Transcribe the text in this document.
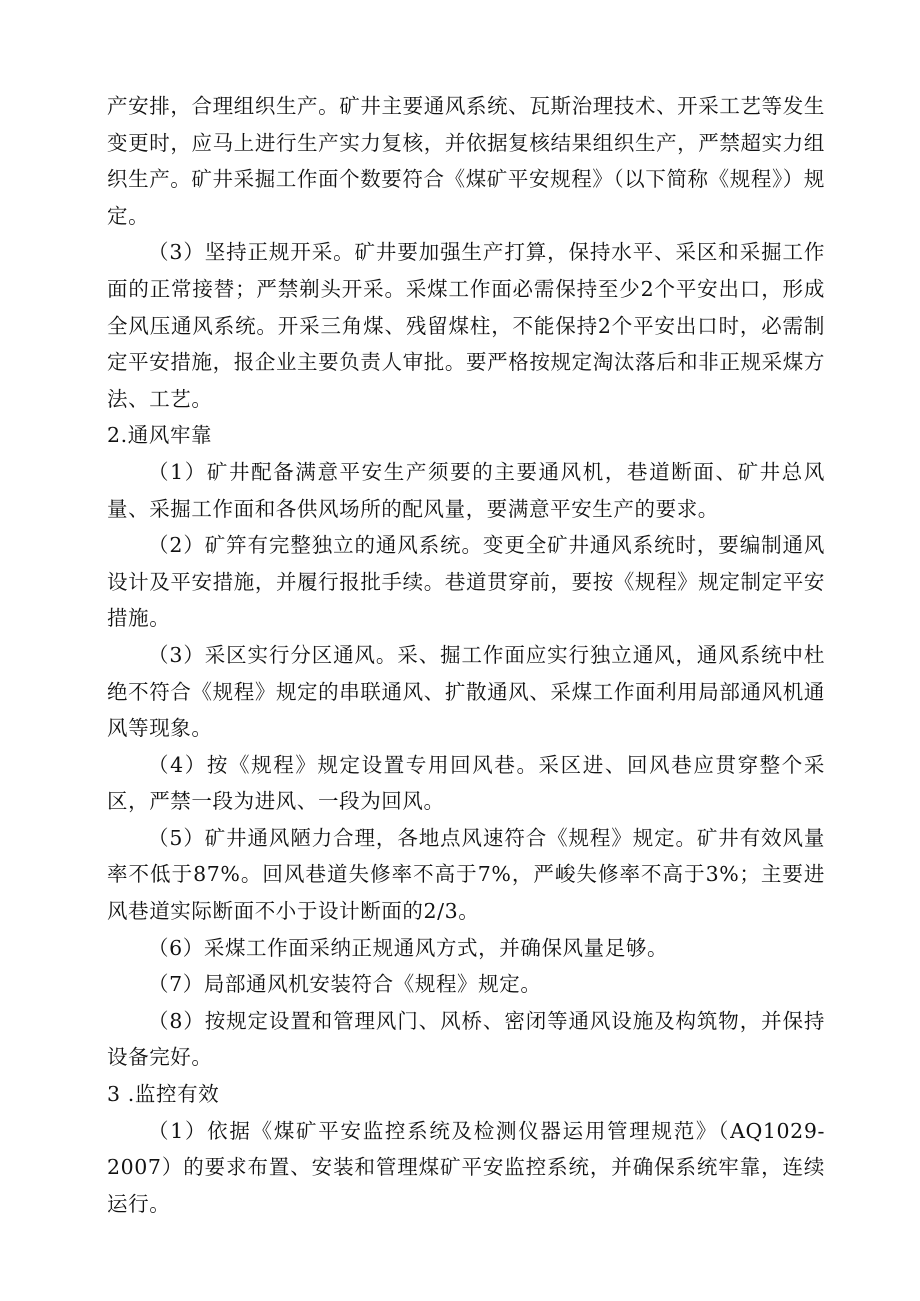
产安排，合理组织生产。矿井主要通风系统、瓦斯治理技术、开采工艺等发生变更时，应马上进行生产实力复核，并依据复核结果组织生产，严禁超实力组织生产。矿井采掘工作面个数要符合《煤矿平安规程》（以下简称《规程》）规定。

（3）坚持正规开采。矿井要加强生产打算，保持水平、采区和采掘工作面的正常接替；严禁剃头开采。采煤工作面必需保持至少2个平安出口，形成全风压通风系统。开采三角煤、残留煤柱，不能保持2个平安出口时，必需制定平安措施，报企业主要负责人审批。要严格按规定淘汰落后和非正规采煤方法、工艺。

2.通风牢靠

（1）矿井配备满意平安生产须要的主要通风机，巷道断面、矿井总风量、采掘工作面和各供风场所的配风量，要满意平安生产的要求。

（2）矿笄有完整独立的通风系统。变更全矿井通风系统时，要编制通风设计及平安措施，并履行报批手续。巷道贯穿前，要按《规程》规定制定平安措施。

（3）采区实行分区通风。采、掘工作面应实行独立通风，通风系统中杜绝不符合《规程》规定的串联通风、扩散通风、采煤工作面利用局部通风机通风等现象。

（4）按《规程》规定设置专用回风巷。采区进、回风巷应贯穿整个采区，严禁一段为进风、一段为回风。

（5）矿井通风陋力合理，各地点风速符合《规程》规定。矿井有效风量率不低于87%。回风巷道失修率不高于7%，严峻失修率不高于3%；主要进风巷道实际断面不小于设计断面的2/3。

（6）采煤工作面采纳正规通风方式，并确保风量足够。

（7）局部通风机安装符合《规程》规定。

（8）按规定设置和管理风门、风桥、密闭等通风设施及构筑物，并保持设备完好。

3 .监控有效

（1）依据《煤矿平安监控系统及检测仪器运用管理规范》（AQ1029-2007）的要求布置、安装和管理煤矿平安监控系统，并确保系统牢靠，连续运行。
